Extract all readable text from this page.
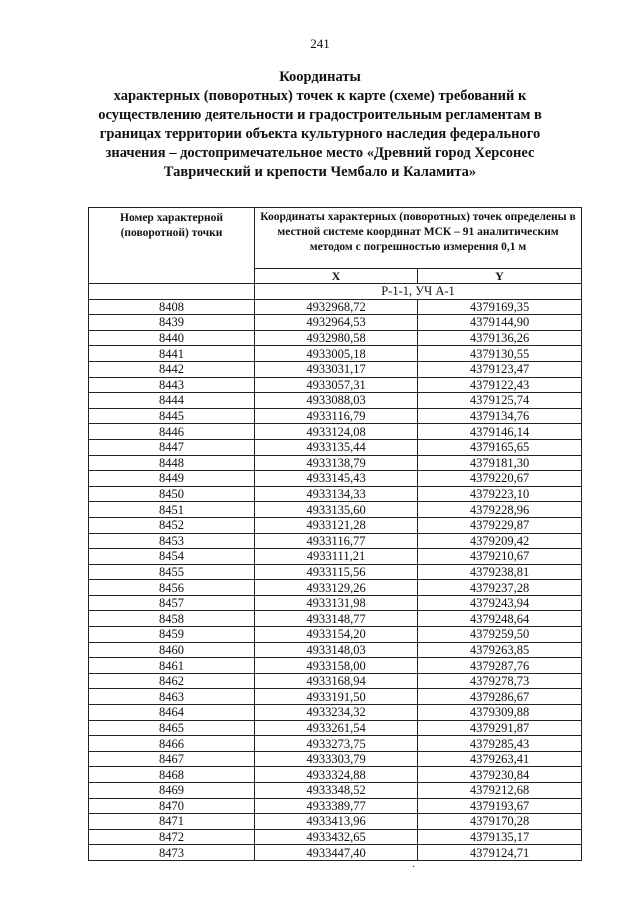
241
Координаты
характерных (поворотных) точек к карте (схеме) требований к
осуществлению деятельности и градостроительным регламентам в
границах территории объекта культурного наследия федерального
значения – достопримечательное место «Древний город Херсонес
Таврический и крепости Чембало и Каламита»
Номер характерной (поворотной) точки	Координаты характерных (поворотных) точек определены в местной системе координат МСК – 91 аналитическим методом с погрешностью измерения 0,1 м	
	X	Y
	Р-1-1, УЧ А-1	
8408	4932968,72	4379169,35
8439	4932964,53	4379144,90
8440	4932980,58	4379136,26
8441	4933005,18	4379130,55
8442	4933031,17	4379123,47
8443	4933057,31	4379122,43
8444	4933088,03	4379125,74
8445	4933116,79	4379134,76
8446	4933124,08	4379146,14
8447	4933135,44	4379165,65
8448	4933138,79	4379181,30
8449	4933145,43	4379220,67
8450	4933134,33	4379223,10
8451	4933135,60	4379228,96
8452	4933121,28	4379229,87
8453	4933116,77	4379209,42
8454	4933111,21	4379210,67
8455	4933115,56	4379238,81
8456	4933129,26	4379237,28
8457	4933131,98	4379243,94
8458	4933148,77	4379248,64
8459	4933154,20	4379259,50
8460	4933148,03	4379263,85
8461	4933158,00	4379287,76
8462	4933168,94	4379278,73
8463	4933191,50	4379286,67
8464	4933234,32	4379309,88
8465	4933261,54	4379291,87
8466	4933273,75	4379285,43
8467	4933303,79	4379263,41
8468	4933324,88	4379230,84
8469	4933348,52	4379212,68
8470	4933389,77	4379193,67
8471	4933413,96	4379170,28
8472	4933432,65	4379135,17
8473	4933447,40	4379124,71
·
